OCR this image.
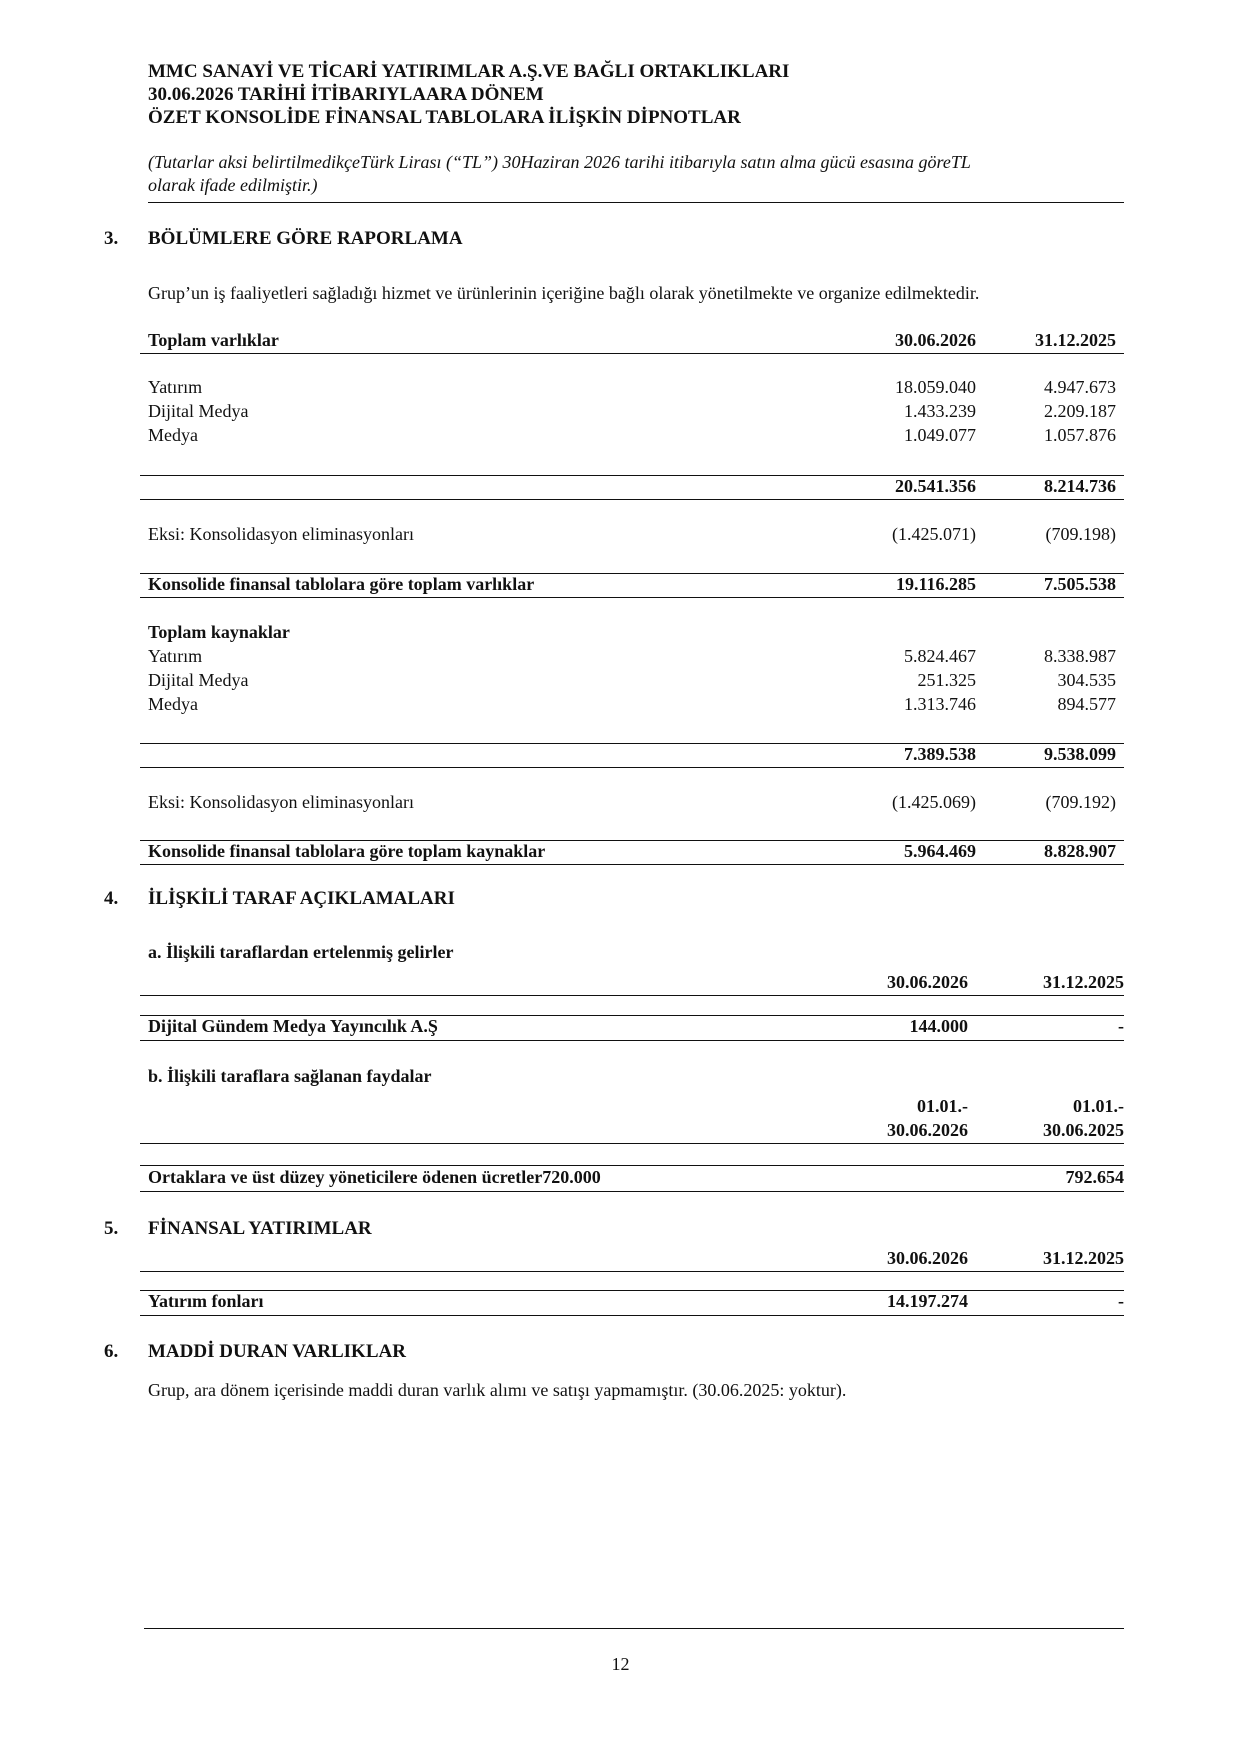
MMC SANAYİ VE TİCARİ YATIRIMLAR A.Ş.VE BAĞLI ORTAKLIKLARI
30.06.2026 TARİHİ İTİBARIYLAARA DÖNEM
ÖZET KONSOLİDE FİNANSAL TABLOLARA İLİŞKİN DİPNOTLAR
(Tutarlar aksi belirtilmedikçeTürk Lirası (“TL”) 30Haziran 2026 tarihi itibarıyla satın alma gücü esasına göreTL
olarak ifade edilmiştir.)
3. BÖLÜMLERE GÖRE RAPORLAMA
Grup’un iş faaliyetleri sağladığı hizmet ve ürünlerinin içeriğine bağlı olarak yönetilmekte ve organize edilmektedir.
Toplam varlıklar	30.06.2026	31.12.2025
Yatırım	18.059.040	4.947.673
Dijital Medya	1.433.239	2.209.187
Medya	1.049.077	1.057.876
20.541.356	8.214.736
Eksi: Konsolidasyon eliminasyonları	(1.425.071)	(709.198)
Konsolide finansal tablolara göre toplam varlıklar	19.116.285	7.505.538
Toplam kaynaklar
Yatırım	5.824.467	8.338.987
Dijital Medya	251.325	304.535
Medya	1.313.746	894.577
7.389.538	9.538.099
Eksi: Konsolidasyon eliminasyonları	(1.425.069)	(709.192)
Konsolide finansal tablolara göre toplam kaynaklar	5.964.469	8.828.907
4. İLİŞKİLİ TARAF AÇIKLAMALARI
a. İlişkili taraflardan ertelenmiş gelirler
30.06.2026	31.12.2025
Dijital Gündem Medya Yayıncılık A.Ş	144.000	-
b. İlişkili taraflara sağlanan faydalar
01.01.-	01.01.-
30.06.2026	30.06.2025
Ortaklara ve üst düzey yöneticilere ödenen ücretler720.000	792.654
5. FİNANSAL YATIRIMLAR
30.06.2026	31.12.2025
Yatırım fonları	14.197.274	-
6. MADDİ DURAN VARLIKLAR
Grup, ara dönem içerisinde maddi duran varlık alımı ve satışı yapmamıştır. (30.06.2025: yoktur).
12
